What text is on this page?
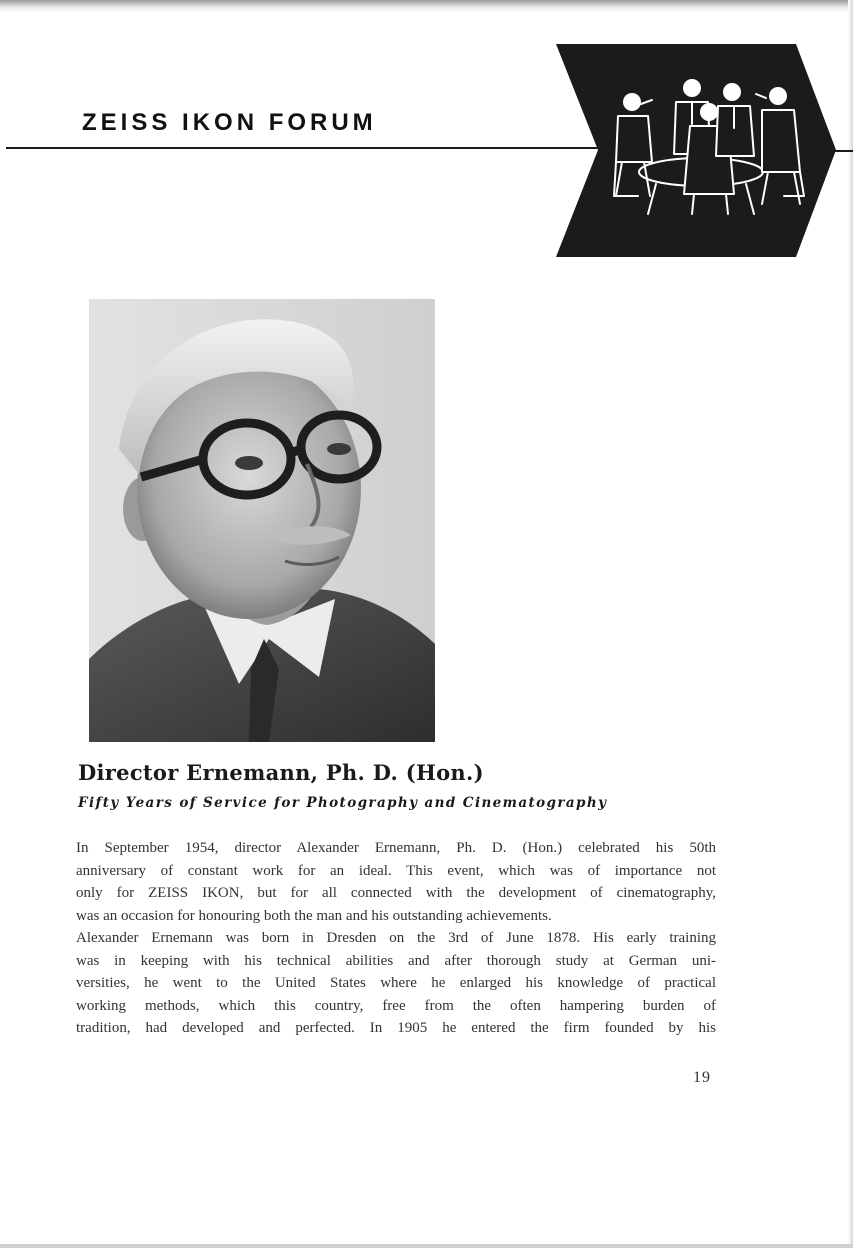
ZEISS IKON FORUM
Director Ernemann, Ph. D. (Hon.)
Fifty Years of Service for Photography and Cinematography
In September 1954, director Alexander Ernemann, Ph. D. (Hon.) celebrated his 50th
anniversary of constant work for an ideal. This event, which was of importance not
only for ZEISS IKON, but for all connected with the development of cinematography,
was an occasion for honouring both the man and his outstanding achievements.
Alexander Ernemann was born in Dresden on the 3rd of June 1878. His early training
was in keeping with his technical abilities and after thorough study at German uni-
versities, he went to the United States where he enlarged his knowledge of practical
working methods, which this country, free from the often hampering burden of
tradition, had developed and perfected. In 1905 he entered the firm founded by his
19
